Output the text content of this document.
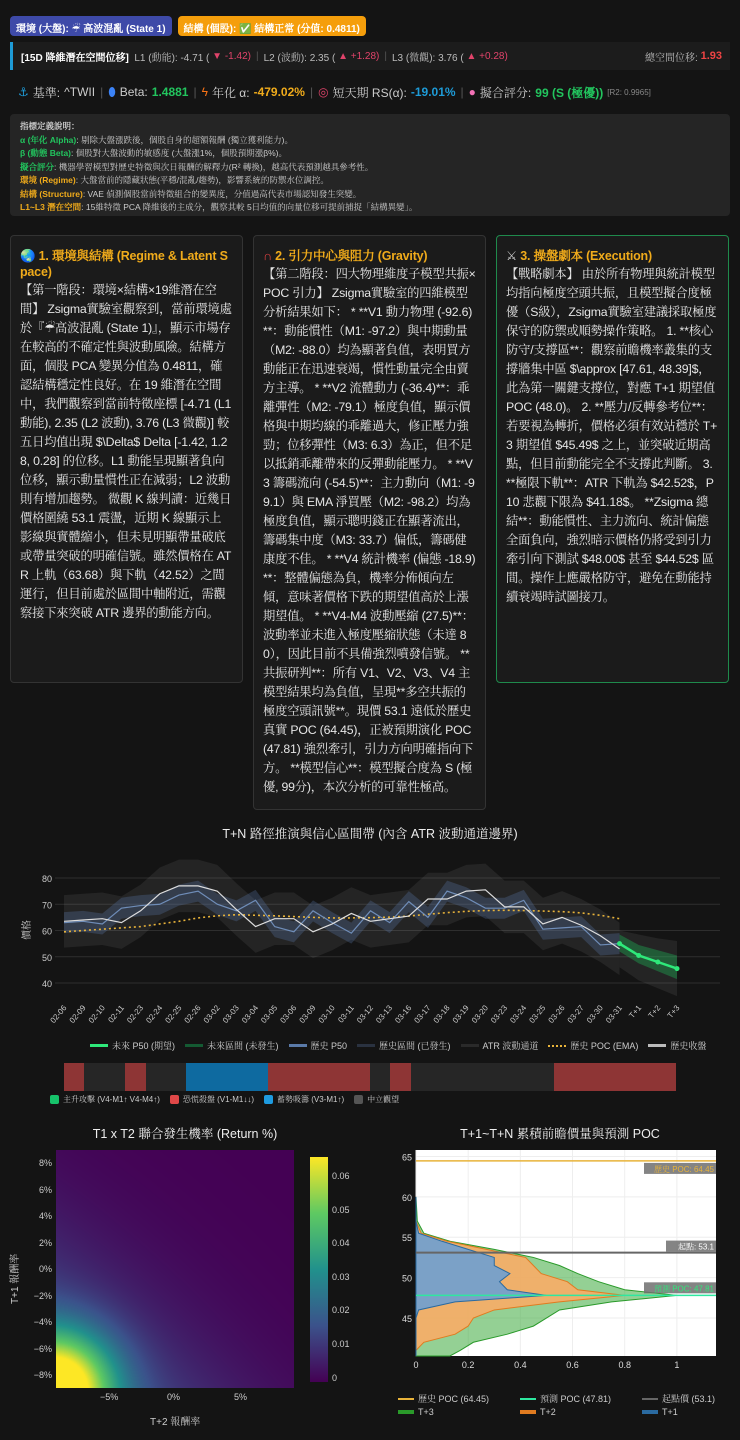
環境 (大盤): ☔ 高波混亂 (State 1)	結構 (個股): ✅ 結構正常 (分值: 0.4811)
[15D 降維潛在空間位移]
L1 (動能): -4.71 (
▼ -1.42) | L2 (波動): 2.35 (
▲ +1.28) | L3 (微觀): 3.76 (
▲ +0.28)	總空間位移:
1.93
⚓ 基準: ^TWII | ⬮ Beta: 1.4881 | ϟ 年化 α: -479.02% | ◎ 短天期 RS(α): -19.01% | ● 擬合評分: 99 (S (極優)) [R2: 0.9965]
指標定義說明：
α (年化 Alpha): 剔除大盤漲跌後，個股自身的超額報酬 (獨立獲利能力)。
β (動態 Beta): 個股對大盤波動的敏感度 (大盤漲1%，個股預期漲β%)。
擬合評分: 機器學習模型對歷史特徵與次日報酬的解釋力(R² 轉換)，越高代表預測越具參考性。
環境 (Regime): 大盤當前的隱藏狀態(平穩/混亂/趨勢)，影響系統的防禦水位調控。
結構 (Structure): VAE 偵測個股當前特徵組合的變異度，分值過高代表市場認知發生突變。
L1~L3 潛在空間: 15維特徵 PCA 降維後的主成分，觀察其較 5日均值的向量位移可提前捕捉「結構異變」。
🌏 1. 環境與結構 (Regime & Latent Space)
【第一階段：環境×結構×19維潛在空間】 Zsigma實驗室觀察到，當前環境處於『☔高波混亂 (State 1)』，顯示市場存在較高的不確定性與波動風險。結構方面，個股 PCA 變異分值為 0.4811，確認結構穩定性良好。在 19 維潛在空間中，我們觀察到當前特徵座標 [-4.71 (L1 動能), 2.35 (L2 波動), 3.76 (L3 微觀)] 較五日均值出現 $\Delta$ Delta [-1.42, 1.28, 0.28] 的位移。L1 動能呈現顯著負向位移，顯示動量慣性正在減弱；L2 波動則有增加趨勢。 微觀 K 線判讀：近幾日價格圍繞 53.1 震盪，近期 K 線顯示上影線與實體縮小，但未見明顯帶量破底或帶量突破的明確信號。雖然價格在 ATR 上軌（63.68）與下軌（42.52）之間運行，但目前處於區間中軸附近，需觀察接下來突破 ATR 邊界的動能方向。
∩ 2. 引力中心與阻力 (Gravity)
【第二階段：四大物理維度子模型共振×POC 引力】 Zsigma實驗室的四維模型分析結果如下： * **V1 動力物理 (-92.6)**：動能慣性（M1: -97.2）與中期動量（M2: -88.0）均為顯著負值，表明買方動能正在迅速衰竭，慣性動量完全由賣方主導。 * **V2 流體動力 (-36.4)**：乖離彈性（M2: -79.1）極度負值，顯示價格與中期均線的乖離過大，修正壓力強勁；位移彈性（M3: 6.3）為正，但不足以抵銷乖離帶來的反彈動能壓力。 * **V3 籌碼流向 (-54.5)**：主力動向（M1: -99.1）與 EMA 淨買壓（M2: -98.2）均為極度負值，顯示聰明錢正在顯著流出，籌碼集中度（M3: 33.7）偏低，籌碼健康度不佳。 * **V4 統計機率 (偏態 -18.9)**：整體偏態為負，機率分佈傾向左傾，意味著價格下跌的期望值高於上漲期望值。 * **V4-M4 波動壓縮 (27.5)**：波動率並未進入極度壓縮狀態（未達 80），因此目前不具備強烈噴發信號。 **共振研判**：所有 V1、V2、V3、V4 主模型結果均為負值，呈現**多空共振的極度空頭訊號**。現價 53.1 遠低於歷史真實 POC (64.45)，正被預期演化 POC (47.81) 強烈牽引，引力方向明確指向下方。 **模型信心**：模型擬合度為 S (極優, 99分)，本次分析的可靠性極高。
⚔ 3. 操盤劇本 (Execution)
【戰略劇本】 由於所有物理與統計模型均指向極度空頭共振，且模型擬合度極優（S級），Zsigma實驗室建議採取極度保守的防禦或順勢操作策略。 1. **核心防守/支撐區**：觀察前瞻機率叢集的支撐牆集中區 $\approx [47.61, 48.39]$，此為第一關鍵支撐位，對應 T+1 期望值 POC (48.0)。 2. **壓力/反轉參考位**：若要視為轉折，價格必須有效站穩於 T+3 期望值 $45.49$ 之上，並突破近期高點，但目前動能完全不支撐此判斷。 3. **極限下軌**：ATR 下軌為 $42.52$，P10 悲觀下限為 $41.18$。 **Zsigma 總結**：動能慣性、主力流向、統計偏態全面負向，強烈暗示價格仍將受到引力牽引向下測試 $48.00$ 甚至 $44.52$ 區間。操作上應嚴格防守，避免在動能持續衰竭時試圖接刀。
T+N 路徑推演與信心區間帶 (內含 ATR 波動通道邊界)
40
50
60
70
80
價格
02-06 02-09 02-10 02-11 02-23 02-24 02-25 02-26 03-02 03-03 03-04 03-05 03-06 03-09 03-10 03-11 03-12 03-13 03-16 03-17 03-18 03-19 03-20 03-23 03-24 03-25 03-26 03-27 03-30 03-31 T+1 T+2 T+3
未來 P50 (期望)	未來區間 (未發生)	歷史 P50	歷史區間 (已發生)	ATR 波動通道	歷史 POC (EMA)	歷史收盤
主升攻擊 (V4-M1↑ V4-M4↑)	恐慌殺盤 (V1-M1↓↓)	蓄勢吸籌 (V3-M1↑)	中立觀望
T1 x T2 聯合發生機率 (Return %)
8%
6%
4%
2%
0%
−2%
−4%
−6%
−8%
−5%	0%	5%
0.06
0.05
0.04
0.03
0.02
0.01
0
T+2 報酬率
T+1 報酬率
T+1~T+N 累積前瞻價量與預測 POC
0	0.2	0.4	0.6	0.8	1
45
50
55
60
65
歷史 POC: 64.45
起點: 53.1
預測 POC: 47.81
歷史 POC (64.45)	預測 POC (47.81)	起點價 (53.1)
T+3	T+2	T+1
